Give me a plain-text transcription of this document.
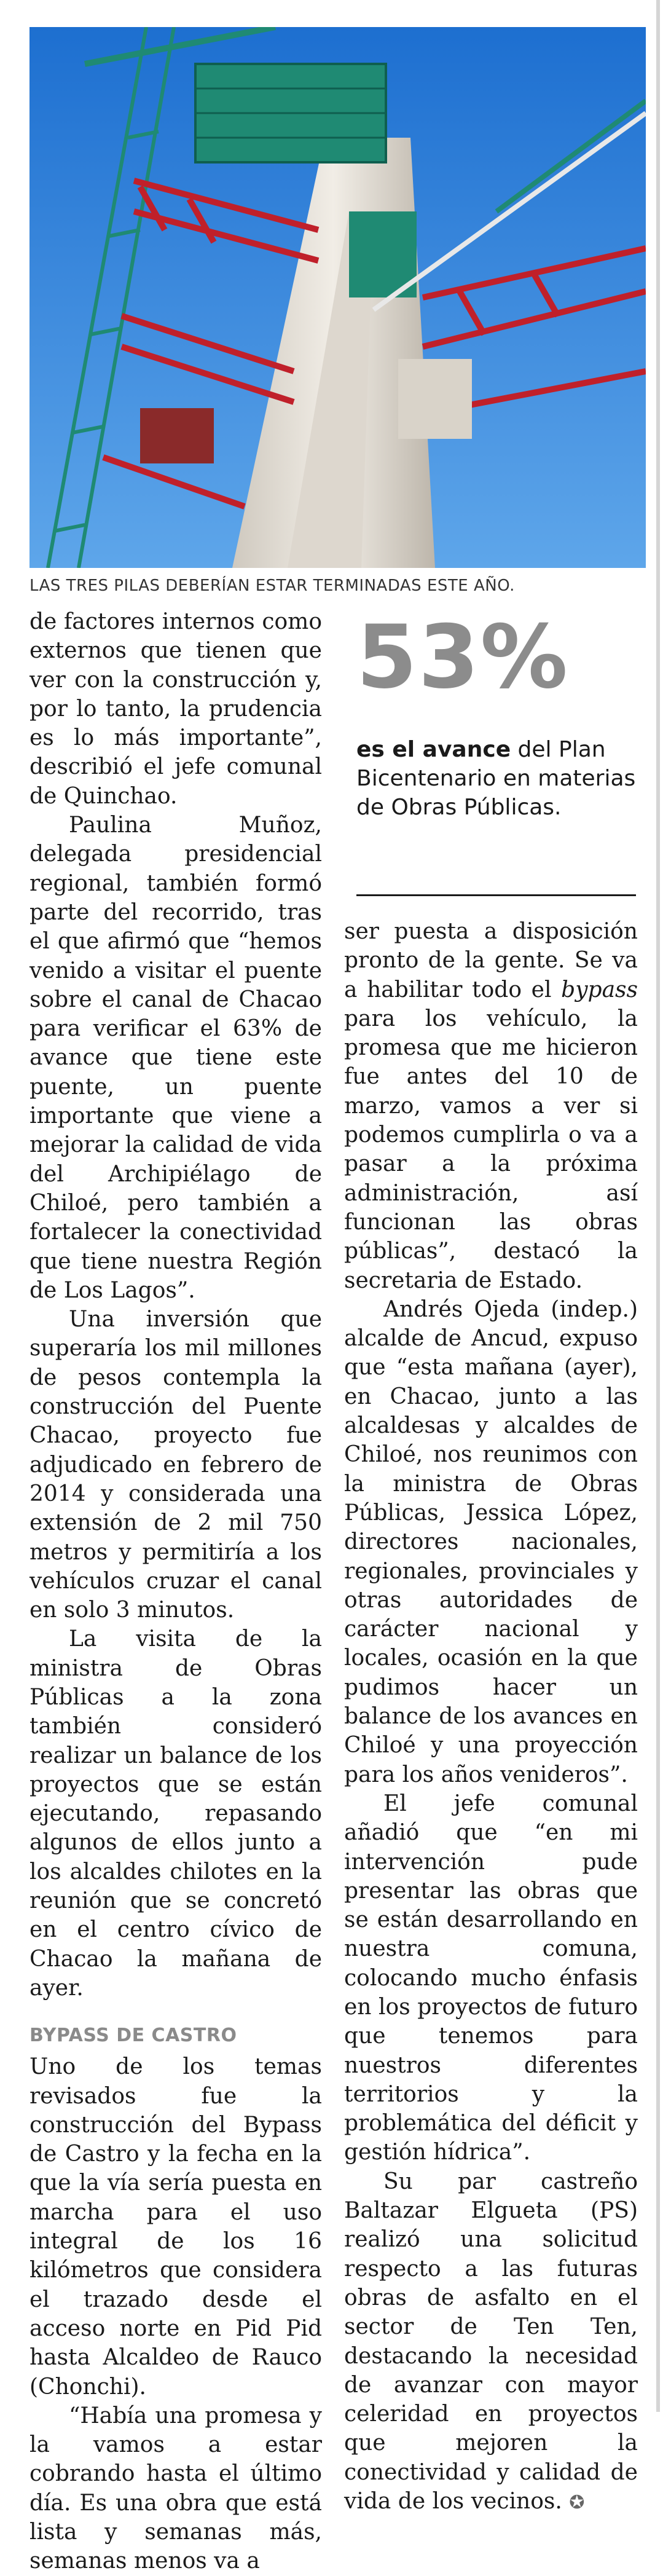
LAS TRES PILAS DEBERÍAN ESTAR TERMINADAS ESTE AÑO.
53%
es el avance del Plan Bicentenario en materias de Obras Públicas.

de factores internos como externos que tienen que ver con la construcción y, por lo tanto, la prudencia es lo más importante”, describió el jefe comunal de Quinchao.

Paulina Muñoz, delegada presidencial regional, también formó parte del recorrido, tras el que afirmó que “hemos venido a visitar el puente sobre el canal de Chacao para verificar el 63% de avance que tiene este puente, un puente importante que viene a mejorar la calidad de vida del Archipiélago de Chiloé, pero también a fortalecer la conectividad que tiene nuestra Región de Los Lagos”.

Una inversión que superaría los mil millones de pesos contempla la construcción del Puente Chacao, proyecto fue adjudicado en febrero de 2014 y considerada una extensión de 2 mil 750 metros y permitiría a los vehículos cruzar el canal en solo 3 minutos.

La visita de la ministra de Obras Públicas a la zona también consideró realizar un balance de los proyectos que se están ejecutando, repasando algunos de ellos junto a los alcaldes chilotes en la reunión que se concretó en el centro cívico de Chacao la mañana de ayer.

BYPASS DE CASTRO

Uno de los temas revisados fue la construcción del Bypass de Castro y la fecha en la que la vía sería puesta en marcha para el uso integral de los 16 kilómetros que considera el trazado desde el acceso norte en Pid Pid hasta Alcaldeo de Rauco (Chonchi).

“Había una promesa y la vamos a estar cobrando hasta el último día. Es una obra que está lista y semanas más, semanas menos va a

ser puesta a disposición pronto de la gente. Se va a habilitar todo el bypass para los vehículo, la promesa que me hicieron fue antes del 10 de marzo, vamos a ver si podemos cumplirla o va a pasar a la próxima administración, así funcionan las obras públicas”, destacó la secretaria de Estado.

Andrés Ojeda (indep.) alcalde de Ancud, expuso que “esta mañana (ayer), en Chacao, junto a las alcaldesas y alcaldes de Chiloé, nos reunimos con la ministra de Obras Públicas, Jessica López, directores nacionales, regionales, provinciales y otras autoridades de carácter nacional y locales, ocasión en la que pudimos hacer un balance de los avances en Chiloé y una proyección para los años venideros”.

El jefe comunal añadió que “en mi intervención pude presentar las obras que se están desarrollando en nuestra comuna, colocando mucho énfasis en los proyectos de futuro que tenemos para nuestros diferentes territorios y la problemática del déficit y gestión hídrica”.

Su par castreño Baltazar Elgueta (PS) realizó una solicitud respecto a las futuras obras de asfalto en el sector de Ten Ten, destacando la necesidad de avanzar con mayor celeridad en proyectos que mejoren la conectividad y calidad de vida de los vecinos. ✪
